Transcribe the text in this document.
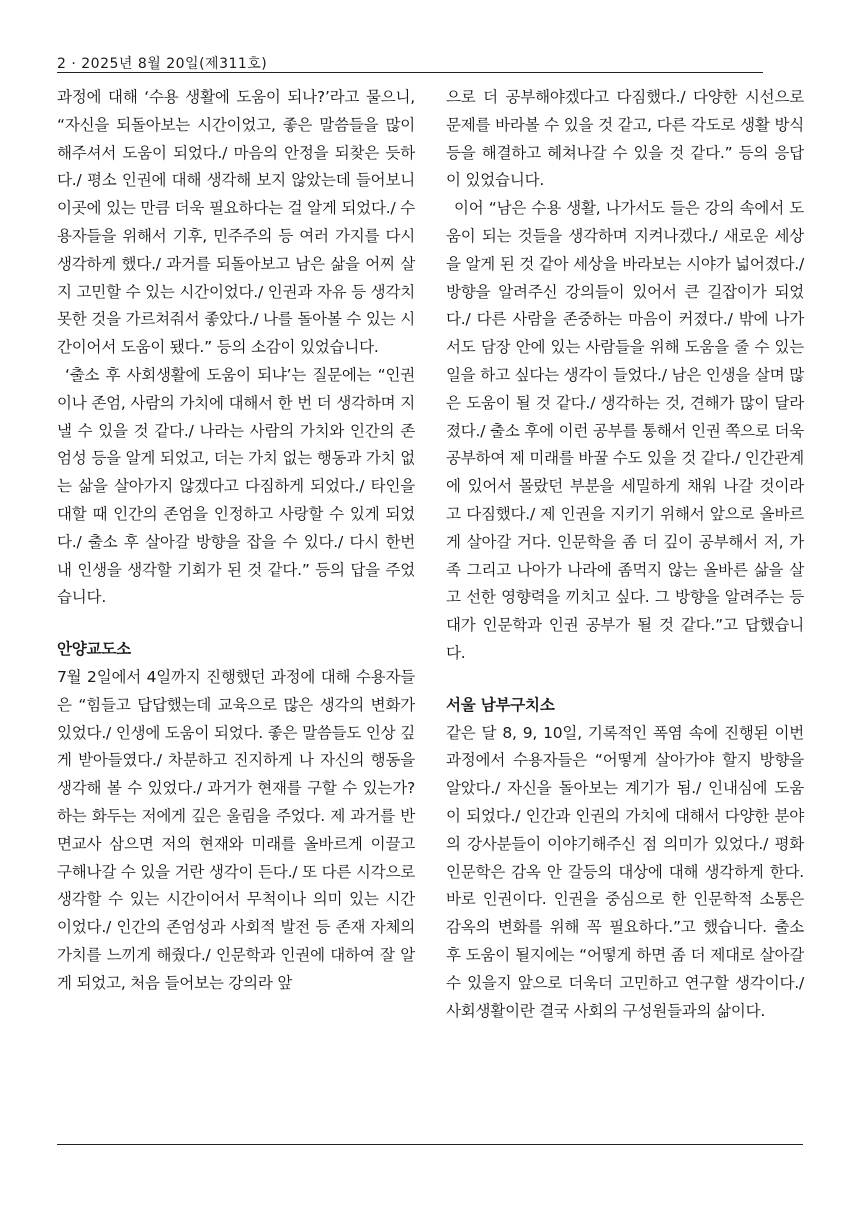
2 · 2025년 8월 20일(제311호)

과정에 대해 ‘수용 생활에 도움이 되나?’라고 물으니, “자신을 되돌아보는 시간이었고, 좋은 말씀들을 많이 해주셔서 도움이 되었다./ 마음의 안정을 되찾은 듯하다./ 평소 인권에 대해 생각해 보지 않았는데 들어보니 이곳에 있는 만큼 더욱 필요하다는 걸 알게 되었다./ 수용자들을 위해서 기후, 민주주의 등 여러 가지를 다시 생각하게 했다./ 과거를 되돌아보고 남은 삶을 어찌 살지 고민할 수 있는 시간이었다./ 인권과 자유 등 생각치 못한 것을 가르쳐줘서 좋았다./ 나를 돌아볼 수 있는 시간이어서 도움이 됐다.” 등의 소감이 있었습니다.

‘출소 후 사회생활에 도움이 되냐’는 질문에는 “인권이나 존엄, 사람의 가치에 대해서 한 번 더 생각하며 지낼 수 있을 것 같다./ 나라는 사람의 가치와 인간의 존엄성 등을 알게 되었고, 더는 가치 없는 행동과 가치 없는 삶을 살아가지 않겠다고 다짐하게 되었다./ 타인을 대할 때 인간의 존엄을 인정하고 사랑할 수 있게 되었다./ 출소 후 살아갈 방향을 잡을 수 있다./ 다시 한번 내 인생을 생각할 기회가 된 것 같다.” 등의 답을 주었습니다.

안양교도소

7월 2일에서 4일까지 진행했던 과정에 대해 수용자들은 “힘들고 답답했는데 교육으로 많은 생각의 변화가 있었다./ 인생에 도움이 되었다. 좋은 말씀들도 인상 깊게 받아들였다./ 차분하고 진지하게 나 자신의 행동을 생각해 볼 수 있었다./ 과거가 현재를 구할 수 있는가? 하는 화두는 저에게 깊은 울림을 주었다. 제 과거를 반면교사 삼으면 저의 현재와 미래를 올바르게 이끌고 구해나갈 수 있을 거란 생각이 든다./ 또 다른 시각으로 생각할 수 있는 시간이어서 무척이나 의미 있는 시간이었다./ 인간의 존엄성과 사회적 발전 등 존재 자체의 가치를 느끼게 해줬다./ 인문학과 인권에 대하여 잘 알게 되었고, 처음 들어보는 강의라 앞

으로 더 공부해야겠다고 다짐했다./ 다양한 시선으로 문제를 바라볼 수 있을 것 같고, 다른 각도로 생활 방식 등을 해결하고 헤쳐나갈 수 있을 것 같다.” 등의 응답이 있었습니다.

이어 “남은 수용 생활, 나가서도 들은 강의 속에서 도움이 되는 것들을 생각하며 지켜나겠다./ 새로운 세상을 알게 된 것 같아 세상을 바라보는 시야가 넓어졌다./ 방향을 알려주신 강의들이 있어서 큰 길잡이가 되었다./ 다른 사람을 존중하는 마음이 커졌다./ 밖에 나가서도 담장 안에 있는 사람들을 위해 도움을 줄 수 있는 일을 하고 싶다는 생각이 들었다./ 남은 인생을 살며 많은 도움이 될 것 같다./ 생각하는 것, 견해가 많이 달라졌다./ 출소 후에 이런 공부를 통해서 인권 쪽으로 더욱 공부하여 제 미래를 바꿀 수도 있을 것 같다./ 인간관계에 있어서 몰랐던 부분을 세밀하게 채워 나갈 것이라고 다짐했다./ 제 인권을 지키기 위해서 앞으로 올바르게 살아갈 거다. 인문학을 좀 더 깊이 공부해서 저, 가족 그리고 나아가 나라에 좀먹지 않는 올바른 삶을 살고 선한 영향력을 끼치고 싶다. 그 방향을 알려주는 등대가 인문학과 인권 공부가 될 것 같다.”고 답했습니다.

서울 남부구치소

같은 달 8, 9, 10일, 기록적인 폭염 속에 진행된 이번 과정에서 수용자들은 “어떻게 살아가야 할지 방향을 알았다./ 자신을 돌아보는 계기가 됨./ 인내심에 도움이 되었다./ 인간과 인권의 가치에 대해서 다양한 분야의 강사분들이 이야기해주신 점 의미가 있었다./ 평화인문학은 감옥 안 갈등의 대상에 대해 생각하게 한다. 바로 인권이다. 인권을 중심으로 한 인문학적 소통은 감옥의 변화를 위해 꼭 필요하다.”고 했습니다. 출소 후 도움이 될지에는 “어떻게 하면 좀 더 제대로 살아갈 수 있을지 앞으로 더욱더 고민하고 연구할 생각이다./ 사회생활이란 결국 사회의 구성원들과의 삶이다.
